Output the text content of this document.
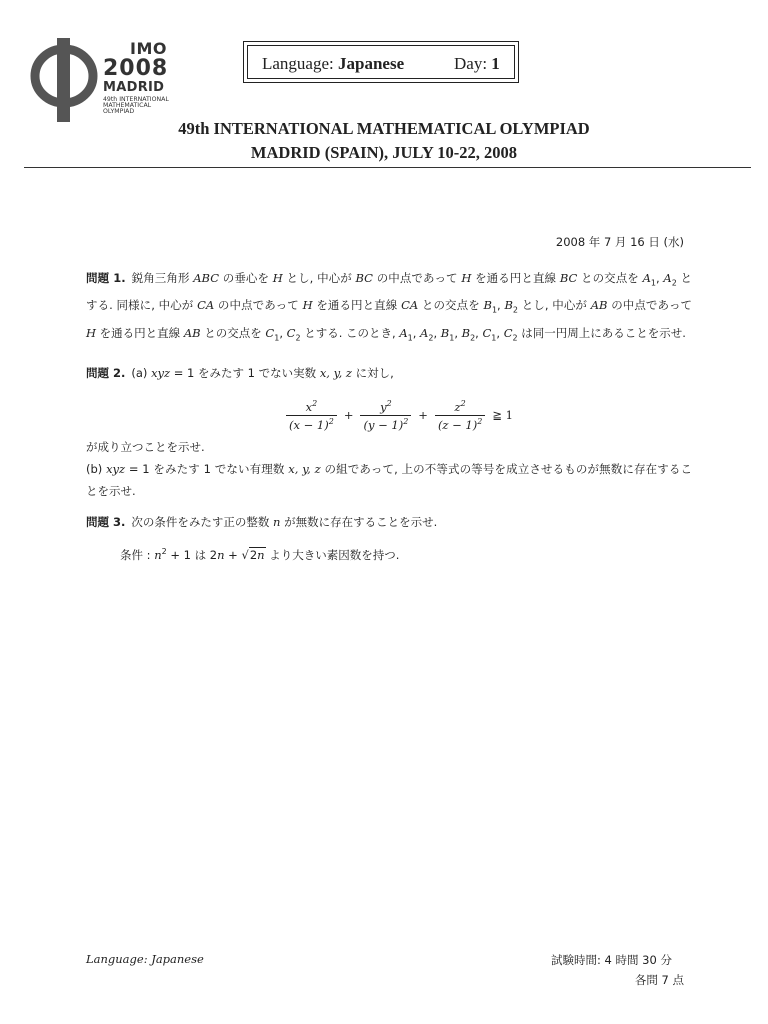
IMO
2008
MADRID
49th INTERNATIONAL
MATHEMATICAL
OLYMPIAD
Language: Japanese	Day: 1
49th INTERNATIONAL MATHEMATICAL OLYMPIAD
MADRID (SPAIN), JULY 10-22, 2008
2008 年 7 月 16 日 (水)
問題 1. 鋭角三角形 ABC の垂心を H とし, 中心が BC の中点であって H を通る円と直線 BC との交点を $A_1$, $A_2$ とする. 同様に, 中心が CA の中点であって H を通る円と直線 CA との交点を $B_1$, $B_2$ とし, 中心が AB の中点であって H を通る円と直線 AB との交点を $C_1$, $C_2$ とする. このとき, $A_1$, $A_2$, $B_1$, $B_2$, $C_1$, $C_2$ は同一円周上にあることを示せ.
問題 2. (a) xyz = 1 をみたす 1 でない実数 x, y, z に対し,
$\frac{x^2}{(x - 1)^2} + \frac{y^2}{(y - 1)^2} + \frac{z^2}{(z - 1)^2}$ ≧ 1
が成り立つことを示せ.
(b) xyz = 1 をみたす 1 でない有理数 x, y, z の組であって, 上の不等式の等号を成立させるものが無数に存在することを示せ.
問題 3. 次の条件をみたす正の整数 n が無数に存在することを示せ.
条件 : $n^2 + 1$ は 2n + √2n より大きい素因数を持つ.
Language: Japanese	試験時間: 4 時間 30 分
各問 7 点
